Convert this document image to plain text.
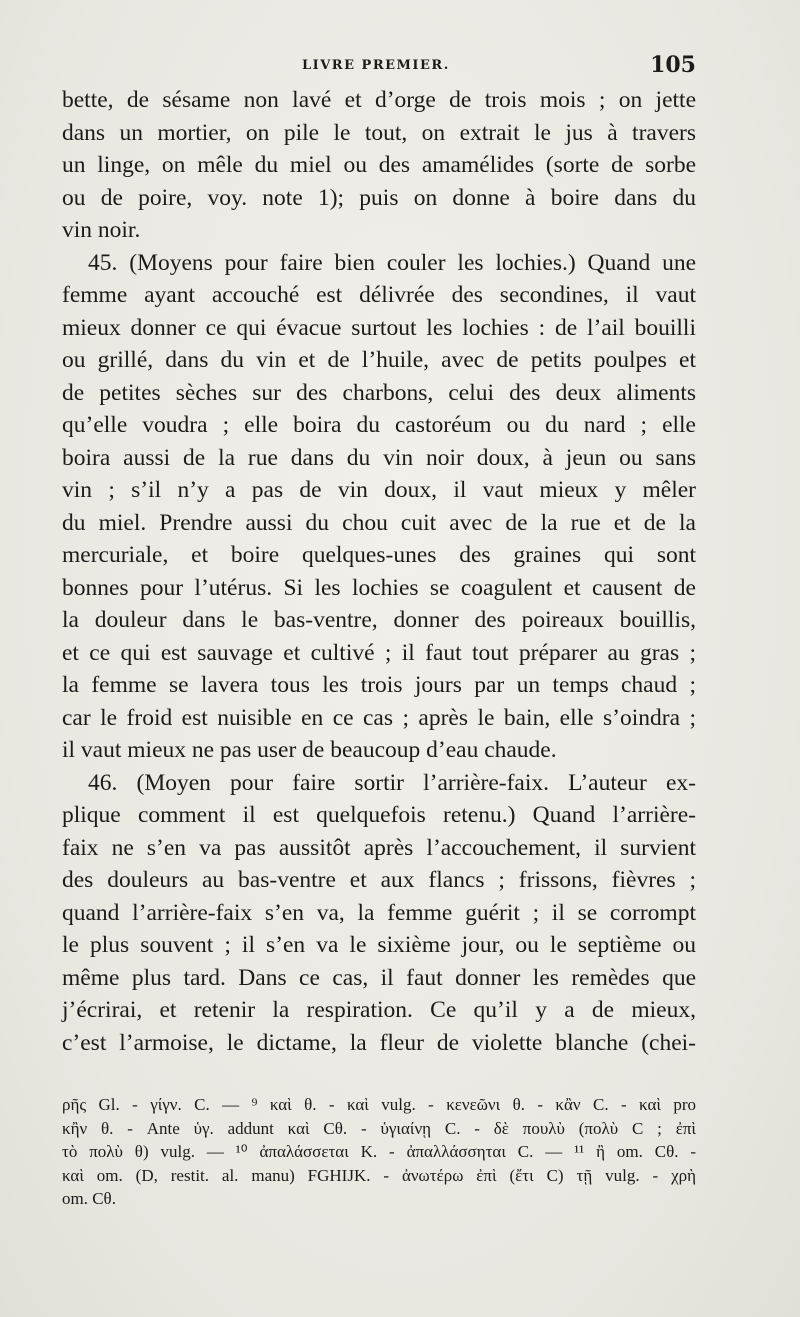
LIVRE PREMIER.	105
bette, de sésame non lavé et d’orge de trois mois ; on jette
dans un mortier, on pile le tout, on extrait le jus à travers
un linge, on mêle du miel ou des amamélides (sorte de sorbe
ou de poire, voy. note 1); puis on donne à boire dans du
vin noir.
45. (Moyens pour faire bien couler les lochies.) Quand une
femme ayant accouché est délivrée des secondines, il vaut
mieux donner ce qui évacue surtout les lochies : de l’ail bouilli
ou grillé, dans du vin et de l’huile, avec de petits poulpes et
de petites sèches sur des charbons, celui des deux aliments
qu’elle voudra ; elle boira du castoréum ou du nard ; elle
boira aussi de la rue dans du vin noir doux, à jeun ou sans
vin ; s’il n’y a pas de vin doux, il vaut mieux y mêler
du miel. Prendre aussi du chou cuit avec de la rue et de la
mercuriale, et boire quelques-unes des graines qui sont
bonnes pour l’utérus. Si les lochies se coagulent et causent de
la douleur dans le bas-ventre, donner des poireaux bouillis,
et ce qui est sauvage et cultivé ; il faut tout préparer au gras ;
la femme se lavera tous les trois jours par un temps chaud ;
car le froid est nuisible en ce cas ; après le bain, elle s’oindra ;
il vaut mieux ne pas user de beaucoup d’eau chaude.
46. (Moyen pour faire sortir l’arrière-faix. L’auteur ex-
plique comment il est quelquefois retenu.) Quand l’arrière-
faix ne s’en va pas aussitôt après l’accouchement, il survient
des douleurs au bas-ventre et aux flancs ; frissons, fièvres ;
quand l’arrière-faix s’en va, la femme guérit ; il se corrompt
le plus souvent ; il s’en va le sixième jour, ou le septième ou
même plus tard. Dans ce cas, il faut donner les remèdes que
j’écrirai, et retenir la respiration. Ce qu’il y a de mieux,
c’est l’armoise, le dictame, la fleur de violette blanche (chei-
ρῆς Gl. - γίγν. C. — ⁹ καὶ θ. - καὶ vulg. - κενεῶνι θ. - κἂν C. - καὶ pro
κἢν θ. - Ante ὑγ. addunt καὶ Cθ. - ὑγιαίνῃ C. - δὲ πουλὺ (πολὺ C ; ἐπὶ
τὸ πολὺ θ) vulg. — ¹⁰ ἀπαλάσσεται K. - ἀπαλλάσσηται C. — ¹¹ ἢ om. Cθ. -
καὶ om. (D, restit. al. manu) FGHIJK. - ἀνωτέρω ἐπὶ (ἔτι C) τῇ vulg. - χρὴ
om. Cθ.
